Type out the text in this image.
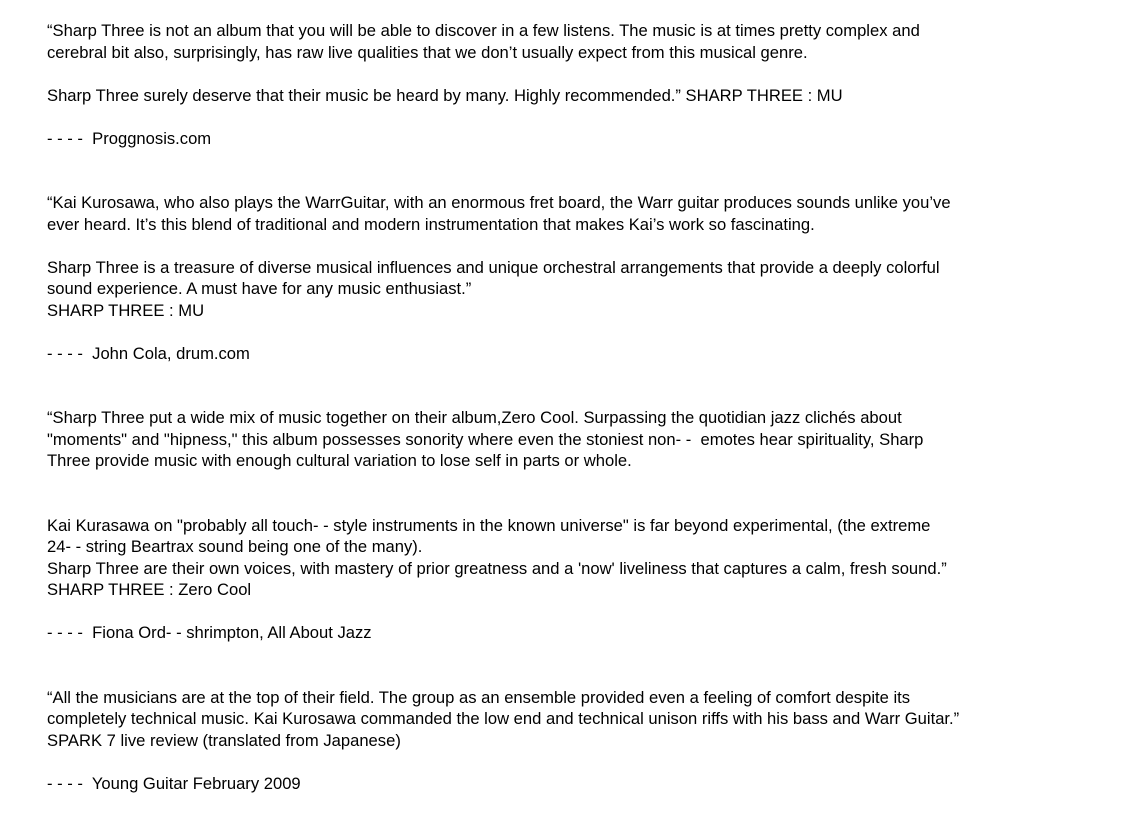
“Sharp Three is not an album that you will be able to discover in a few listens. The music is at times pretty complex and

cerebral bit also, surprisingly, has raw live qualities that we don’t usually expect from this musical genre.

Sharp Three surely deserve that their music be heard by many. Highly recommended.” SHARP THREE : MU

- - - -  Proggnosis.com

“Kai Kurosawa, who also plays the WarrGuitar, with an enormous fret board, the Warr guitar produces sounds unlike you’ve

ever heard. It’s this blend of traditional and modern instrumentation that makes Kai’s work so fascinating.

Sharp Three is a treasure of diverse musical influences and unique orchestral arrangements that provide a deeply colorful

sound experience. A must have for any music enthusiast.”

SHARP THREE : MU

- - - -  John Cola, drum.com

“Sharp Three put a wide mix of music together on their album,Zero Cool. Surpassing the quotidian jazz clichés about

"moments" and "hipness," this album possesses sonority where even the stoniest non- -  emotes hear spirituality, Sharp

Three provide music with enough cultural variation to lose self in parts or whole.

Kai Kurasawa on "probably all touch- - style instruments in the known universe" is far beyond experimental, (the extreme

24- - string Beartrax sound being one of the many).

Sharp Three are their own voices, with mastery of prior greatness and a 'now' liveliness that captures a calm, fresh sound.”

SHARP THREE : Zero Cool

- - - -  Fiona Ord- - shrimpton, All About Jazz

“All the musicians are at the top of their field. The group as an ensemble provided even a feeling of comfort despite its

completely technical music. Kai Kurosawa commanded the low end and technical unison riffs with his bass and Warr Guitar.”

SPARK 7 live review (translated from Japanese)

- - - -  Young Guitar February 2009
